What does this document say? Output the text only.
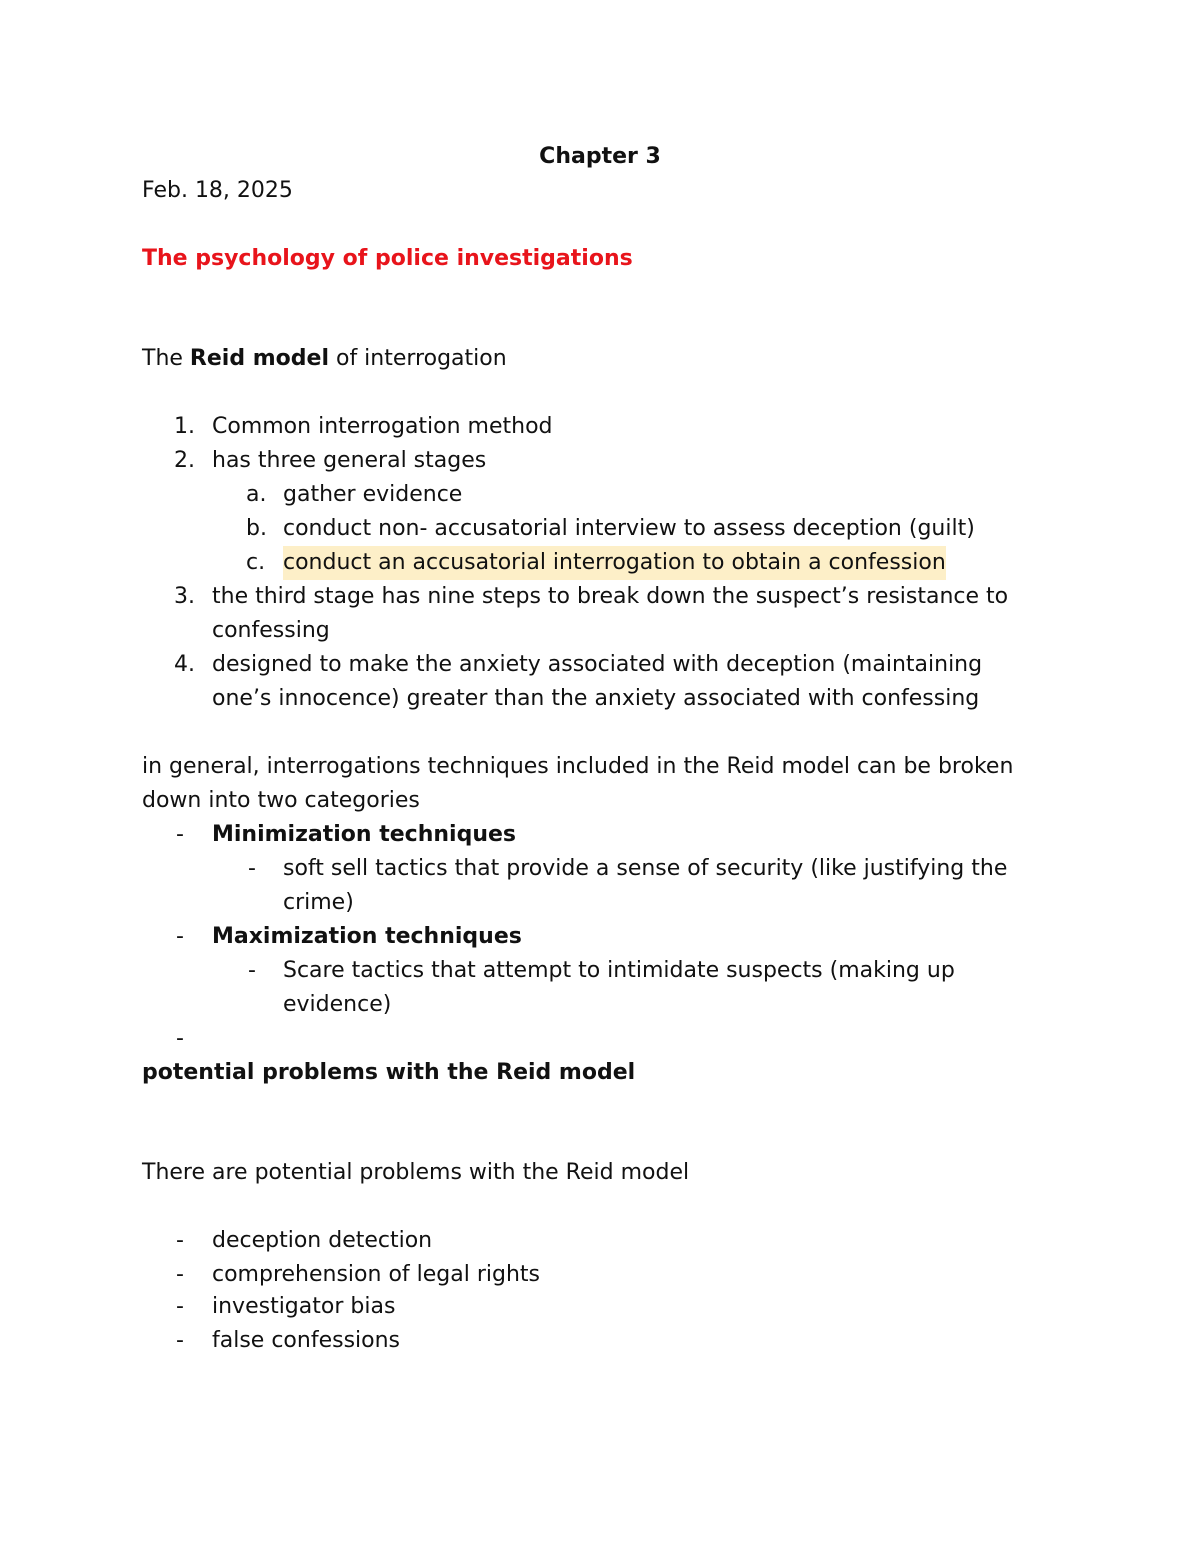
Chapter 3
Feb. 18, 2025
The psychology of police investigations
The Reid model of interrogation
1. Common interrogation method
2. has three general stages
a. gather evidence
b. conduct non- accusatorial interview to assess deception (guilt)
c. conduct an accusatorial interrogation to obtain a confession
3. the third stage has nine steps to break down the suspect’s resistance to
confessing
4. designed to make the anxiety associated with deception (maintaining
one’s innocence) greater than the anxiety associated with confessing
in general, interrogations techniques included in the Reid model can be broken
down into two categories
- Minimization techniques
- soft sell tactics that provide a sense of security (like justifying the
crime)
- Maximization techniques
- Scare tactics that attempt to intimidate suspects (making up
evidence)
-
potential problems with the Reid model
There are potential problems with the Reid model
- deception detection
- comprehension of legal rights
- investigator bias
- false confessions
